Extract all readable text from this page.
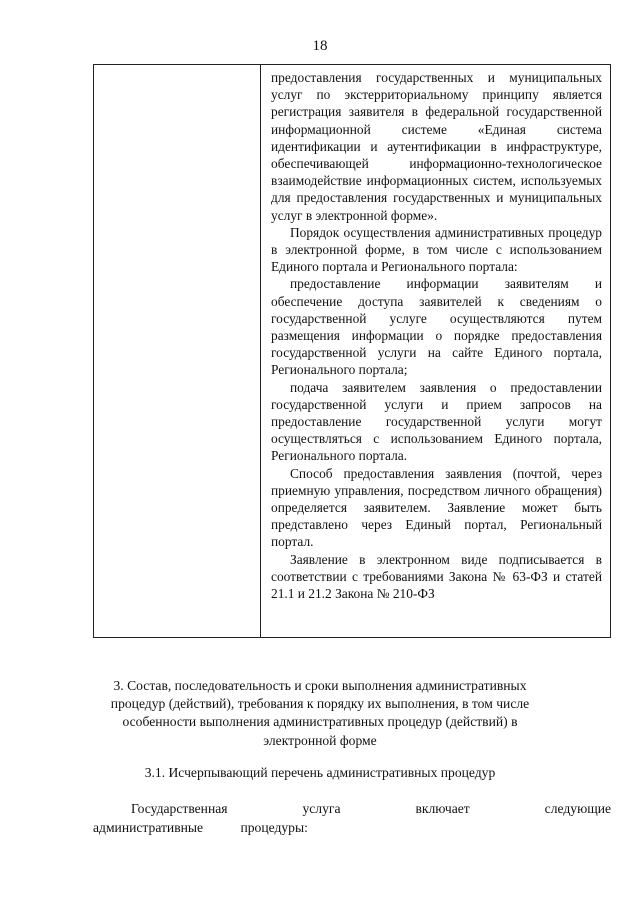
18

предоставления государственных и муниципальных услуг по экстерриториальному принципу является регистрация заявителя в федеральной государственной информационной системе «Единая система идентификации и аутентификации в инфраструктуре, обеспечивающей информационно-технологическое взаимодействие информационных систем, используемых для предоставления государственных и муниципальных услуг в электронной форме».

Порядок осуществления административных процедур в электронной форме, в том числе с использованием Единого портала и Регионального портала:

предоставление информации заявителям и обеспечение доступа заявителей к сведениям о государственной услуге осуществляются путем размещения информации о порядке предоставления государственной услуги на сайте Единого портала, Регионального портала;

подача заявителем заявления о предоставлении государственной услуги и прием запросов на предоставление государственной услуги могут осуществляться с использованием Единого портала, Регионального портала.

Способ предоставления заявления (почтой, через приемную управления, посредством личного обращения) определяется заявителем. Заявление может быть представлено через Единый портал, Региональный портал.

Заявление в электронном виде подписывается в соответствии с требованиями Закона № 63-ФЗ и статей 21.1 и 21.2 Закона № 210-ФЗ

3. Состав, последовательность и сроки выполнения административных процедур (действий), требования к порядку их выполнения, в том числе особенности выполнения административных процедур (действий) в электронной форме
3.1. Исчерпывающий перечень административных процедур
Государственная услуга включает следующие административные процедуры:
